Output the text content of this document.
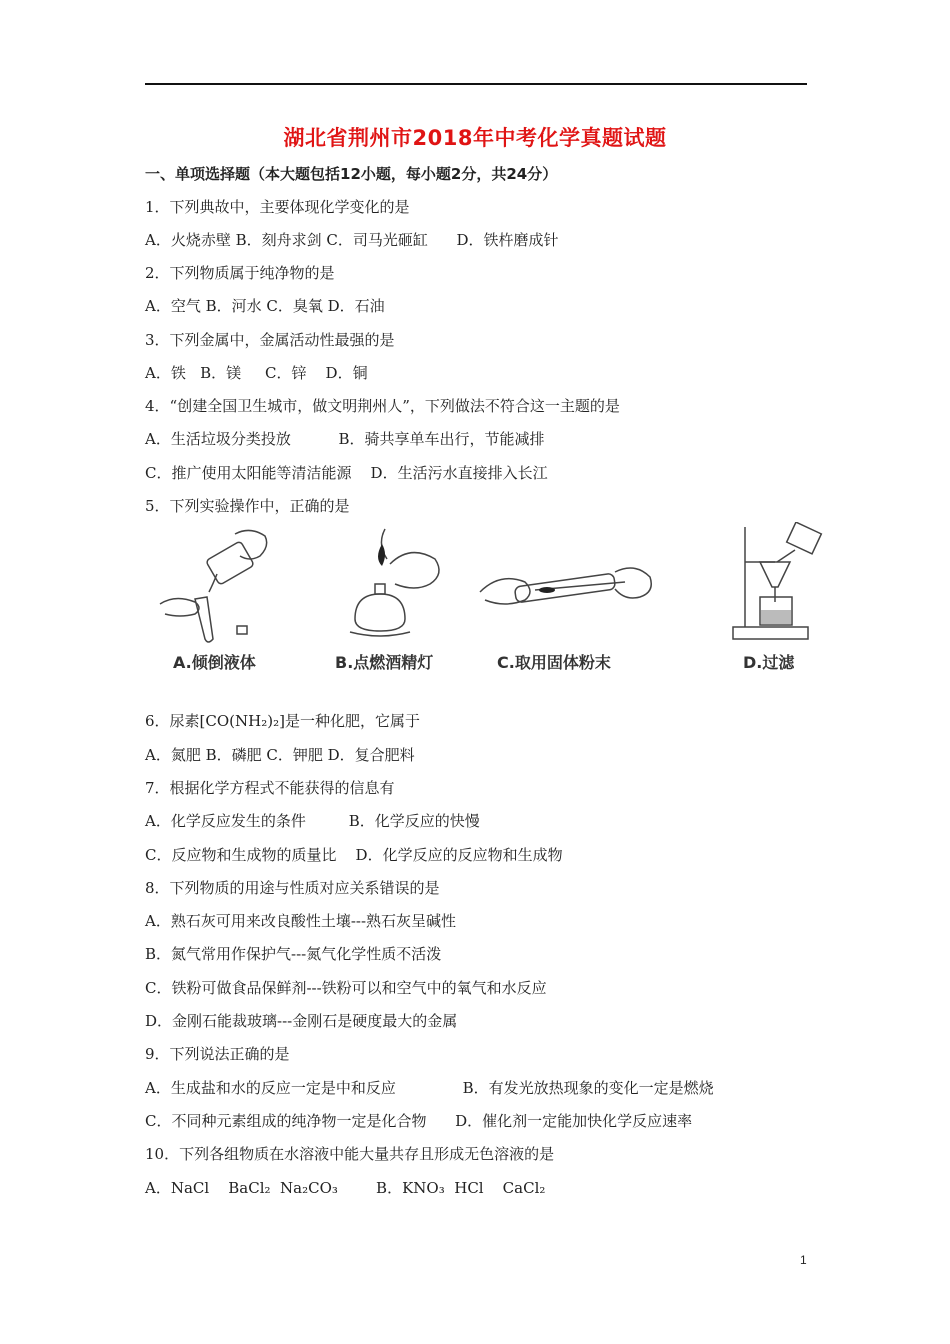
湖北省荆州市2018年中考化学真题试题
一、单项选择题（本大题包括12小题，每小题2分，共24分）
1．下列典故中，主要体现化学变化的是
A．火烧赤壁 B．刻舟求剑 C．司马光砸缸      D．铁杵磨成针
2．下列物质属于纯净物的是
A．空气 B．河水 C．臭氧 D．石油
3．下列金属中，金属活动性最强的是
A．铁   B．镁     C．锌    D．铜
4．“创建全国卫生城市，做文明荆州人”，下列做法不符合这一主题的是
A．生活垃圾分类投放          B．骑共享单车出行，节能减排
C．推广使用太阳能等清洁能源    D．生活污水直接排入长江
5．下列实验操作中，正确的是
A.倾倒液体	B.点燃酒精灯	C.取用固体粉末	D.过滤
6．尿素[CO(NH₂)₂]是一种化肥，它属于
A．氮肥 B．磷肥 C．钾肥 D．复合肥料
7．根据化学方程式不能获得的信息有
A．化学反应发生的条件         B．化学反应的快慢
C．反应物和生成物的质量比    D．化学反应的反应物和生成物
8．下列物质的用途与性质对应关系错误的是
A．熟石灰可用来改良酸性土壤---熟石灰呈碱性
B．氮气常用作保护气---氮气化学性质不活泼
C．铁粉可做食品保鲜剂---铁粉可以和空气中的氧气和水反应
D．金刚石能裁玻璃---金刚石是硬度最大的金属
9．下列说法正确的是
A．生成盐和水的反应一定是中和反应              B．有发光放热现象的变化一定是燃烧
C．不同种元素组成的纯净物一定是化合物      D．催化剂一定能加快化学反应速率
10．下列各组物质在水溶液中能大量共存且形成无色溶液的是
A．NaCl    BaCl₂  Na₂CO₃        B．KNO₃  HCl    CaCl₂
1
